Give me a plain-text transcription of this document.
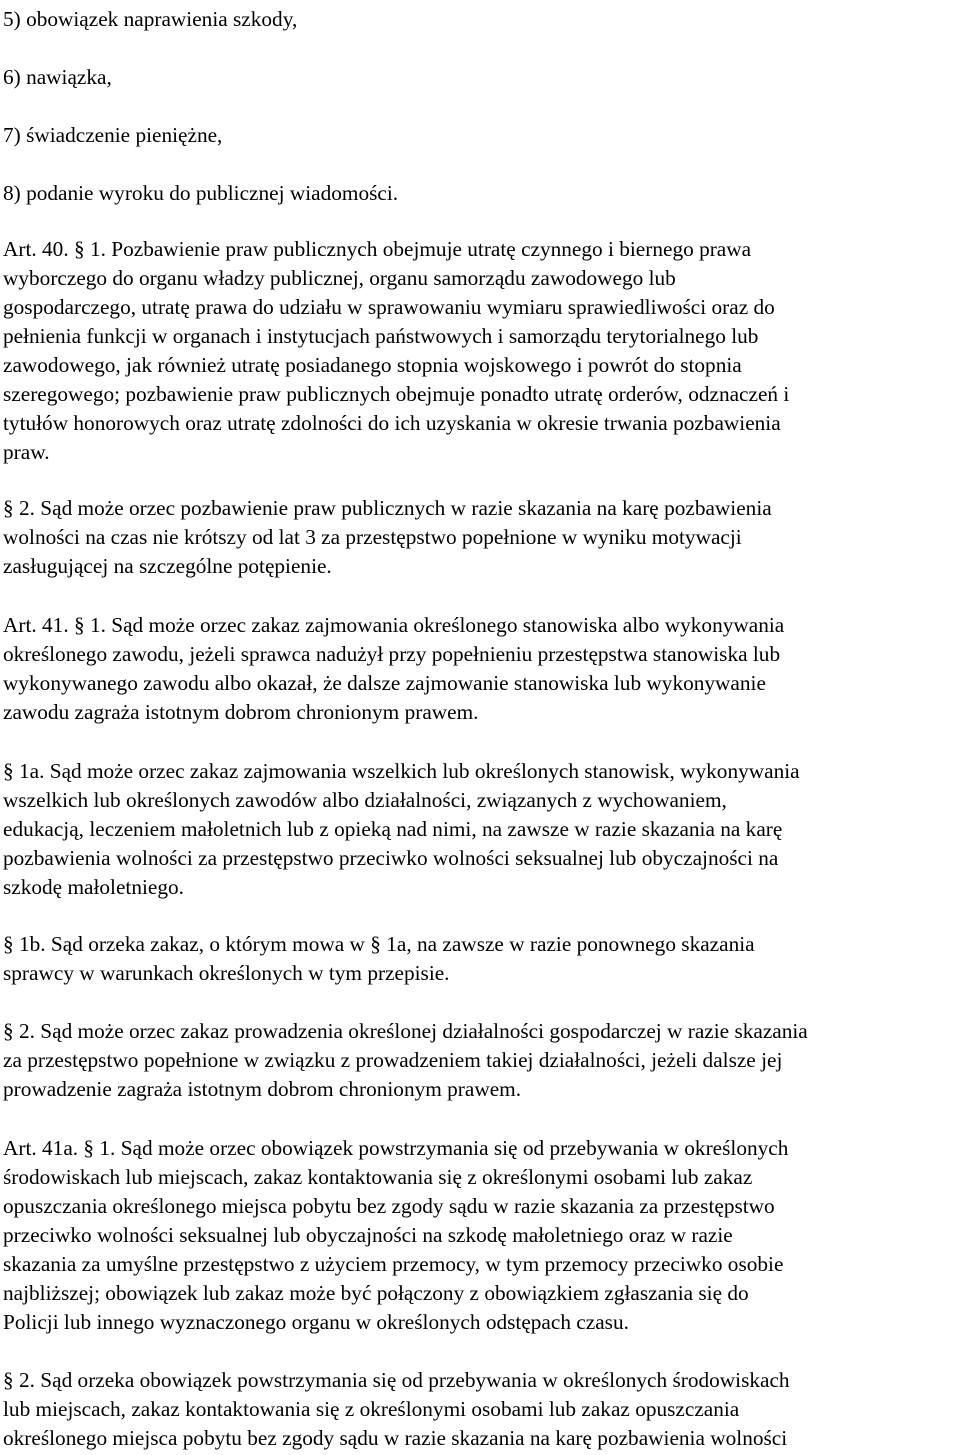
5) obowiązek naprawienia szkody,

6) nawiązka,

7) świadczenie pieniężne,

8) podanie wyroku do publicznej wiadomości.

Art. 40. § 1. Pozbawienie praw publicznych obejmuje utratę czynnego i biernego prawa
wyborczego do organu władzy publicznej, organu samorządu zawodowego lub
gospodarczego, utratę prawa do udziału w sprawowaniu wymiaru sprawiedliwości oraz do
pełnienia funkcji w organach i instytucjach państwowych i samorządu terytorialnego lub
zawodowego, jak również utratę posiadanego stopnia wojskowego i powrót do stopnia
szeregowego; pozbawienie praw publicznych obejmuje ponadto utratę orderów, odznaczeń i
tytułów honorowych oraz utratę zdolności do ich uzyskania w okresie trwania pozbawienia
praw.

§ 2. Sąd może orzec pozbawienie praw publicznych w razie skazania na karę pozbawienia
wolności na czas nie krótszy od lat 3 za przestępstwo popełnione w wyniku motywacji
zasługującej na szczególne potępienie.

Art. 41. § 1. Sąd może orzec zakaz zajmowania określonego stanowiska albo wykonywania
określonego zawodu, jeżeli sprawca nadużył przy popełnieniu przestępstwa stanowiska lub
wykonywanego zawodu albo okazał, że dalsze zajmowanie stanowiska lub wykonywanie
zawodu zagraża istotnym dobrom chronionym prawem.

§ 1a. Sąd może orzec zakaz zajmowania wszelkich lub określonych stanowisk, wykonywania
wszelkich lub określonych zawodów albo działalności, związanych z wychowaniem,
edukacją, leczeniem małoletnich lub z opieką nad nimi, na zawsze w razie skazania na karę
pozbawienia wolności za przestępstwo przeciwko wolności seksualnej lub obyczajności na
szkodę małoletniego.

§ 1b. Sąd orzeka zakaz, o którym mowa w § 1a, na zawsze w razie ponownego skazania
sprawcy w warunkach określonych w tym przepisie.

§ 2. Sąd może orzec zakaz prowadzenia określonej działalności gospodarczej w razie skazania
za przestępstwo popełnione w związku z prowadzeniem takiej działalności, jeżeli dalsze jej
prowadzenie zagraża istotnym dobrom chronionym prawem.

Art. 41a. § 1. Sąd może orzec obowiązek powstrzymania się od przebywania w określonych
środowiskach lub miejscach, zakaz kontaktowania się z określonymi osobami lub zakaz
opuszczania określonego miejsca pobytu bez zgody sądu w razie skazania za przestępstwo
przeciwko wolności seksualnej lub obyczajności na szkodę małoletniego oraz w razie
skazania za umyślne przestępstwo z użyciem przemocy, w tym przemocy przeciwko osobie
najbliższej; obowiązek lub zakaz może być połączony z obowiązkiem zgłaszania się do
Policji lub innego wyznaczonego organu w określonych odstępach czasu.

§ 2. Sąd orzeka obowiązek powstrzymania się od przebywania w określonych środowiskach
lub miejscach, zakaz kontaktowania się z określonymi osobami lub zakaz opuszczania
określonego miejsca pobytu bez zgody sądu w razie skazania na karę pozbawienia wolności
